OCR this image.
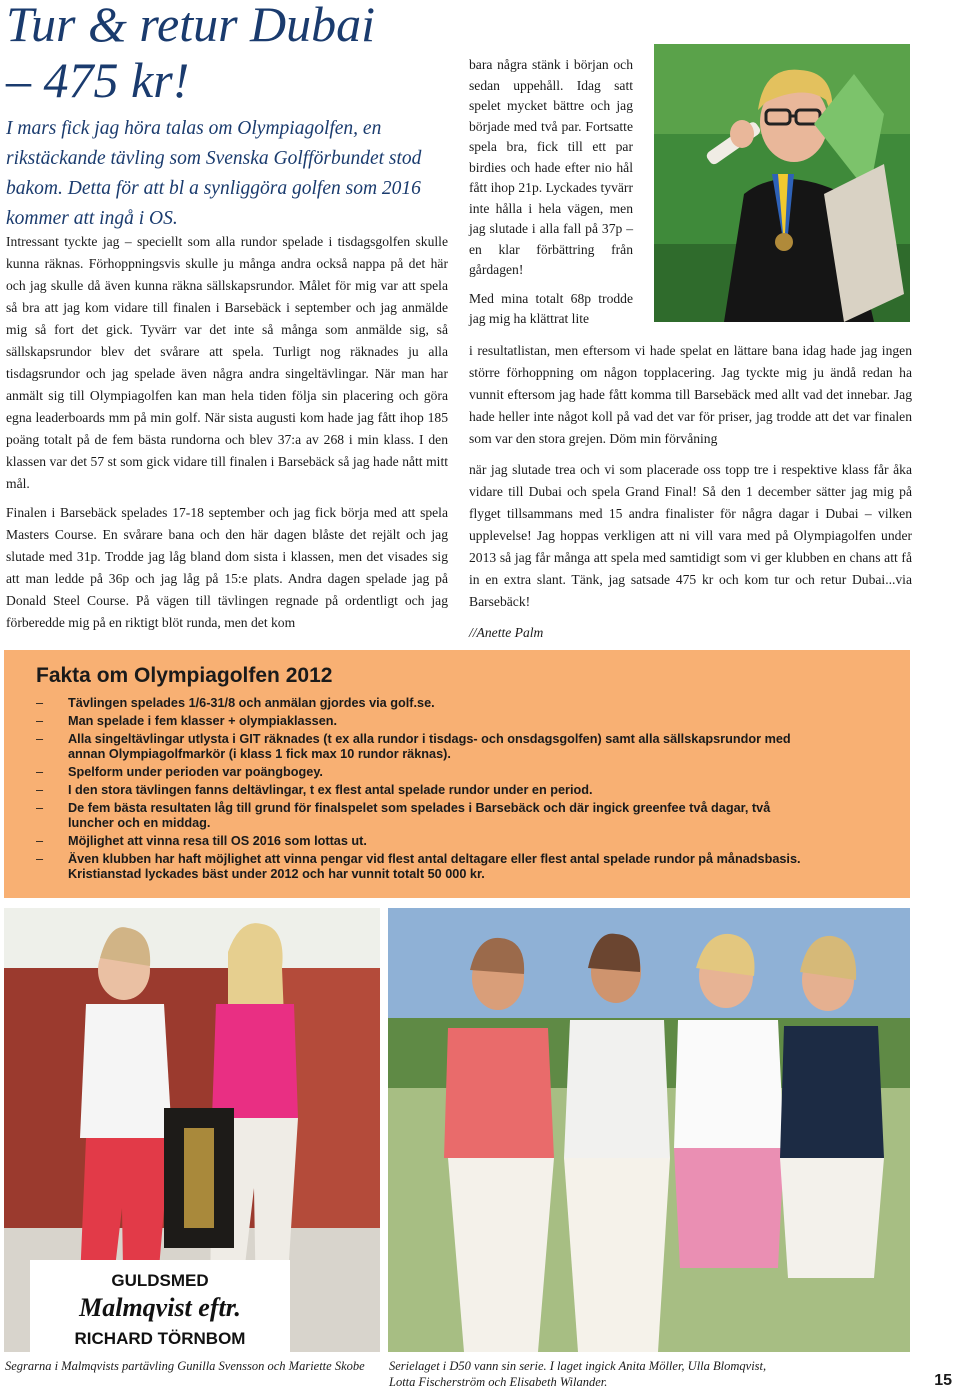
Tur & retur Dubai
– 475 kr!

I mars fick jag höra talas om Olympiagolfen, en rikstäckande tävling som Svenska Golfförbundet stod bakom. Detta för att bl a synliggöra golfen som 2016 kommer att ingå i OS.

Intressant tyckte jag – speciellt som alla rundor spelade i tisdagsgolfen skulle kunna räknas. Förhoppningsvis skulle ju många andra också nappa på det här och jag skulle då även kunna räkna sällskapsrundor. Målet för mig var att spela så bra att jag kom vidare till finalen i Barsebäck i september och jag anmälde mig så fort det gick. Tyvärr var det inte så många som anmälde sig, så sällskapsrundor blev det svårare att spela. Turligt nog räknades ju alla tisdagsrundor och jag spelade även några andra singeltävlingar. När man har anmält sig till Olympiagolfen kan man hela tiden följa sin placering och göra egna leaderboards mm på min golf. När sista augusti kom hade jag fått ihop 185 poäng totalt på de fem bästa rundorna och blev 37:a av 268 i min klass. I den klassen var det 57 st som gick vidare till finalen i Barsebäck så jag hade nått mitt mål.

Finalen i Barsebäck spelades 17-18 september och jag fick börja med att spela Masters Course. En svårare bana och den här dagen blåste det rejält och jag slutade med 31p. Trodde jag låg bland dom sista i klassen, men det visades sig att man ledde på 36p och jag låg på 15:e plats. Andra dagen spelade jag på Donald Steel Course. På vägen till tävlingen regnade på ordentligt och jag förberedde mig på en riktigt blöt runda, men det kom

bara några stänk i början och sedan uppehåll. Idag satt spelet mycket bättre och jag började med två par. Fortsatte spela bra, fick till ett par birdies och hade efter nio hål fått ihop 21p. Lyckades tyvärr inte hålla i hela vägen, men jag slutade i alla fall på 37p – en klar förbättring från gårdagen!

Med mina totalt 68p trodde jag mig ha klättrat lite

i resultatlistan, men eftersom vi hade spelat en lättare bana idag hade jag ingen större förhoppning om någon topplacering. Jag tyckte mig ju ändå redan ha vunnit eftersom jag hade fått komma till Barsebäck med allt vad det innebar. Jag hade heller inte något koll på vad det var för priser, jag trodde att det var finalen som var den stora grejen. Döm min förvåning

när jag slutade trea och vi som placerade oss topp tre i respektive klass får åka vidare till Dubai och spela Grand Final! Så den 1 december sätter jag mig på flyget tillsammans med 15 andra finalister för några dagar i Dubai – vilken upplevelse! Jag hoppas verkligen att ni vill vara med på Olympiagolfen under 2013 så jag får många att spela med samtidigt som vi ger klubben en chans att få in en extra slant. Tänk, jag satsade 475 kr och kom tur och retur Dubai...via Barsebäck!

//Anette Palm
Fakta om Olympiagolfen 2012
– Tävlingen spelades 1/6-31/8 och anmälan gjordes via golf.se.
– Man spelade i fem klasser + olympiaklassen.
– Alla singeltävlingar utlysta i GIT räknades (t ex alla rundor i tisdags- och onsdagsgolfen) samt alla sällskapsrundor med annan Olympiagolfmarkör (i klass 1 fick max 10 rundor räknas).
– Spelform under perioden var poängbogey.
– I den stora tävlingen fanns deltävlingar, t ex flest antal spelade rundor under en period.
– De fem bästa resultaten låg till grund för finalspelet som spelades i Barsebäck och där ingick greenfee två dagar, två luncher och en middag.
– Möjlighet att vinna resa till OS 2016 som lottas ut.
– Även klubben har haft möjlighet att vinna pengar vid flest antal deltagare eller flest antal spelade rundor på månadsbasis. Kristianstad lyckades bäst under 2012 och har vunnit totalt 50 000 kr.
GULDSMED
Malmqvist eftr.
RICHARD TÖRNBOM
Segrarna i Malmqvists partävling Gunilla Svensson och Mariette Skobe	Serielaget i D50 vann sin serie. I laget ingick Anita Möller, Ulla Blomqvist,
Lotta Fischerström och Elisabeth Wilander.	15
